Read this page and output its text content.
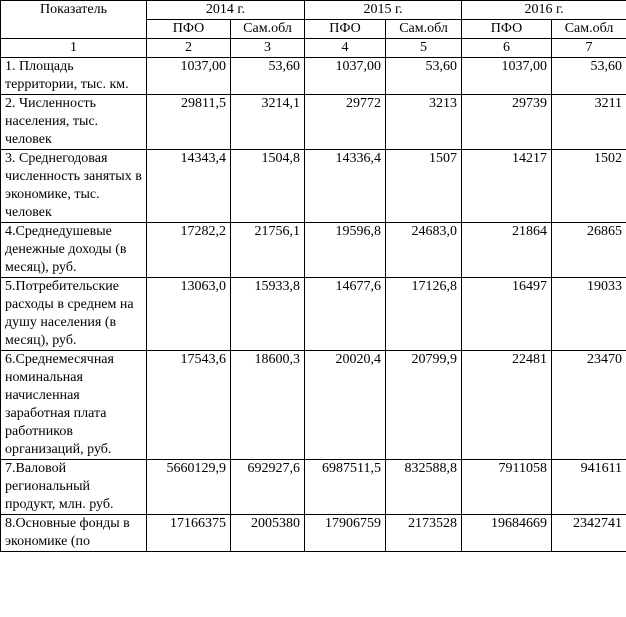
Показатель	2014 г.		2015 г.		2016 г.	
	ПФО	Сам.обл	ПФО	Сам.обл	ПФО	Сам.обл
1	2	3	4	5	6	7
1. Площадь территории, тыс. км.	1037,00	53,60	1037,00	53,60	1037,00	53,60
2. Численность населения, тыс. человек	29811,5	3214,1	29772	3213	29739	3211
3. Среднегодовая численность занятых в экономике, тыс. человек	14343,4	1504,8	14336,4	1507	14217	1502
4.Среднедушевые денежные доходы (в месяц), руб.	17282,2	21756,1	19596,8	24683,0	21864	26865
5.Потребительские расходы в среднем на душу населения (в месяц), руб.	13063,0	15933,8	14677,6	17126,8	16497	19033
6.Среднемесячная номинальная начисленная заработная плата работников организаций, руб.	17543,6	18600,3	20020,4	20799,9	22481	23470
7.Валовой региональный продукт, млн. руб.	5660129,9	692927,6	6987511,5	832588,8	7911058	941611
8.Основные фонды в экономике (по	17166375	2005380	17906759	2173528	19684669	2342741
